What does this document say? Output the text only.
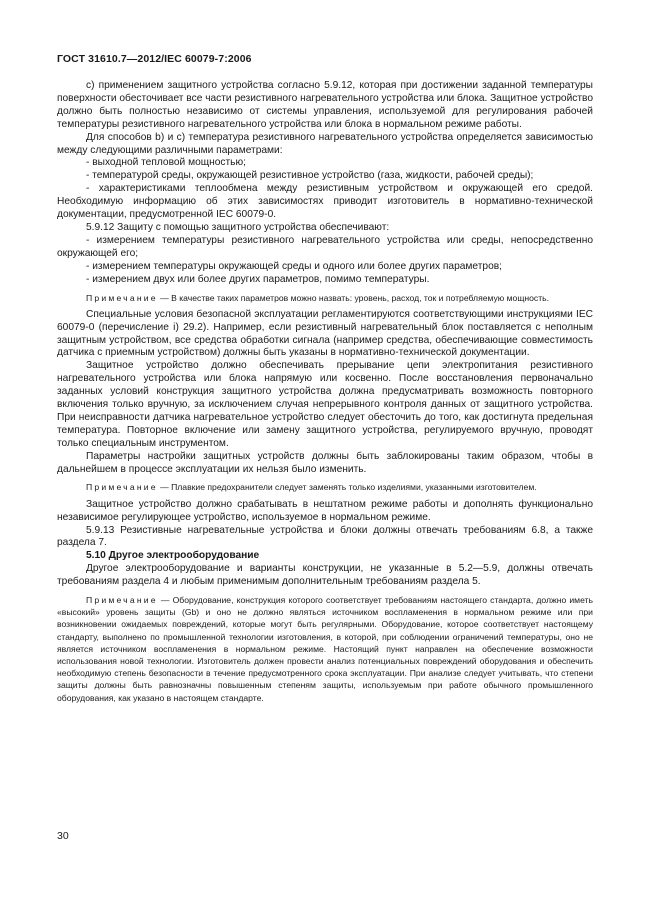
ГОСТ 31610.7—2012/IEC 60079-7:2006

с) применением защитного устройства согласно 5.9.12, которая при достижении заданной температуры поверхности обесточивает все части резистивного нагревательного устройства или блока. Защитное устройство должно быть полностью независимо от системы управления, используемой для регулирования рабочей температуры резистивного нагревательного устройства или блока в нормальном режиме работы.

Для способов b) и с) температура резистивного нагревательного устройства определяется зависимостью между следующими различными параметрами:

- выходной тепловой мощностью;

- температурой среды, окружающей резистивное устройство (газа, жидкости, рабочей среды);

- характеристиками теплообмена между резистивным устройством и окружающей его средой. Необходимую информацию об этих зависимостях приводит изготовитель в нормативно-технической документации, предусмотренной IEC 60079-0.

5.9.12 Защиту с помощью защитного устройства обеспечивают:

- измерением температуры резистивного нагревательного устройства или среды, непосредственно окружающей его;

- измерением температуры окружающей среды и одного или более других параметров;

- измерением двух или более других параметров, помимо температуры.

Примечание — В качестве таких параметров можно назвать: уровень, расход, ток и потребляемую мощность.

Специальные условия безопасной эксплуатации регламентируются соответствующими инструкциями IEC 60079-0 (перечисление i) 29.2). Например, если резистивный нагревательный блок поставляется с неполным защитным устройством, все средства обработки сигнала (например средства, обеспечивающие совместимость датчика с приемным устройством) должны быть указаны в нормативно-технической документации.

Защитное устройство должно обеспечивать прерывание цепи электропитания резистивного нагревательного устройства или блока напрямую или косвенно. После восстановления первоначально заданных условий конструкция защитного устройства должна предусматривать возможность повторного включения только вручную, за исключением случая непрерывного контроля данных от защитного устройства. При неисправности датчика нагревательное устройство следует обесточить до того, как достигнута предельная температура. Повторное включение или замену защитного устройства, регулируемого вручную, проводят только специальным инструментом.

Параметры настройки защитных устройств должны быть заблокированы таким образом, чтобы в дальнейшем в процессе эксплуатации их нельзя было изменить.

Примечание — Плавкие предохранители следует заменять только изделиями, указанными изготовителем.

Защитное устройство должно срабатывать в нештатном режиме работы и дополнять функционально независимое регулирующее устройство, используемое в нормальном режиме.

5.9.13 Резистивные нагревательные устройства и блоки должны отвечать требованиям 6.8, а также раздела 7.

5.10 Другое электрооборудование

Другое электрооборудование и варианты конструкции, не указанные в 5.2—5.9, должны отвечать требованиям раздела 4 и любым применимым дополнительным требованиям раздела 5.

Примечание — Оборудование, конструкция которого соответствует требованиям настоящего стандарта, должно иметь «высокий» уровень защиты (Gb) и оно не должно являться источником воспламенения в нормальном режиме или при возникновении ожидаемых повреждений, которые могут быть регулярными. Оборудование, которое соответствует настоящему стандарту, выполнено по промышленной технологии изготовления, в которой, при соблюдении ограничений температуры, оно не является источником воспламенения в нормальном режиме. Настоящий пункт направлен на обеспечение возможности использования новой технологии. Изготовитель должен провести анализ потенциальных повреждений оборудования и обеспечить необходимую степень безопасности в течение предусмотренного срока эксплуатации. При анализе следует учитывать, что степени защиты должны быть равнозначны повышенным степеням защиты, используемым при работе обычного промышленного оборудования, как указано в настоящем стандарте.

30
